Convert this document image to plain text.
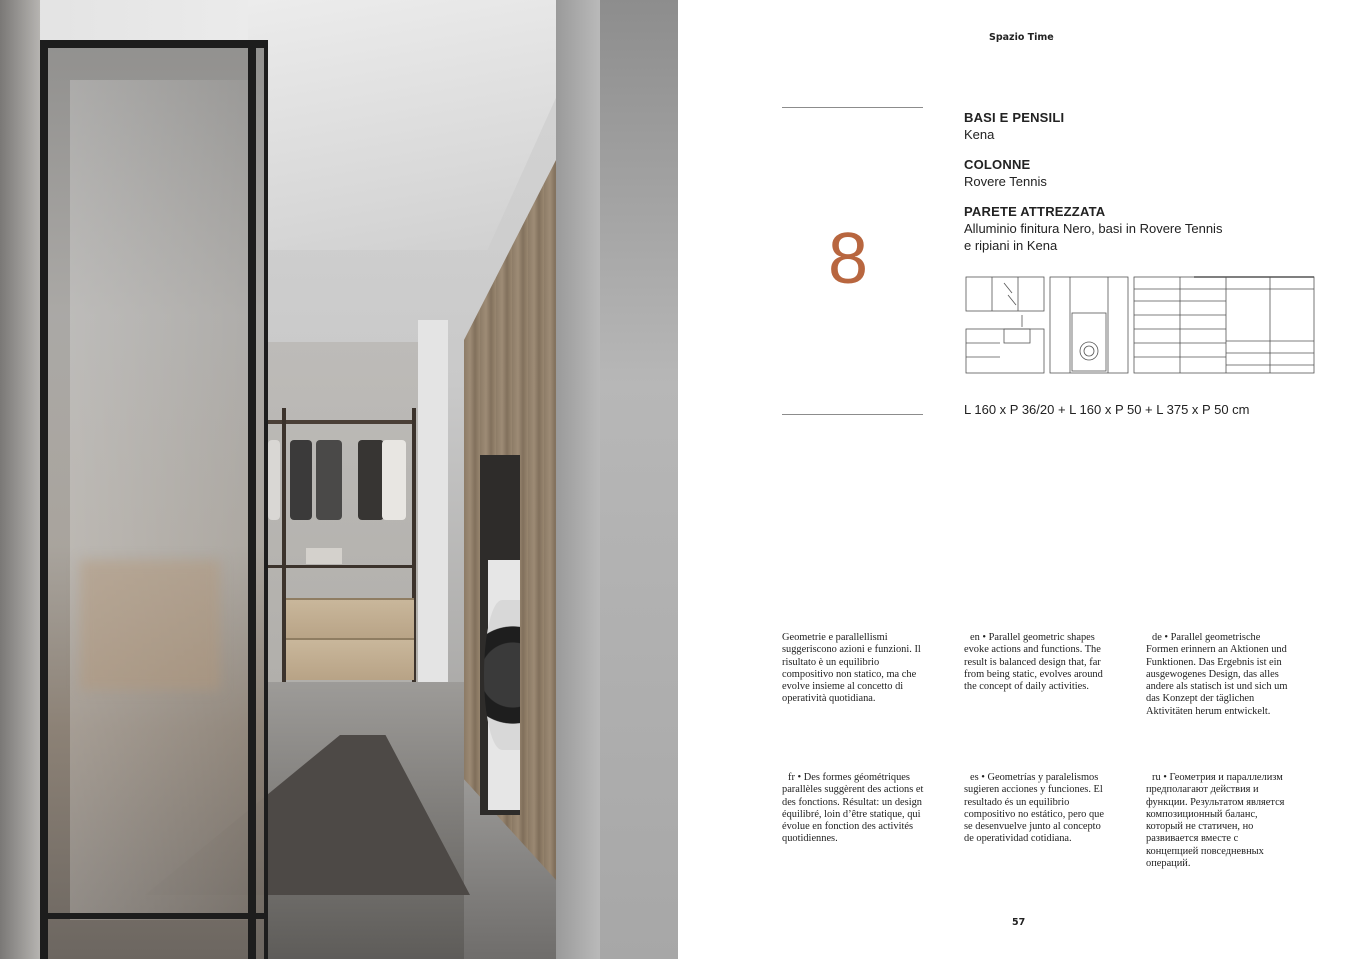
Spazio Time
8
BASI E PENSILI
Kena
COLONNE
Rovere Tennis
PARETE ATTREZZATA
Alluminio finitura Nero, basi in Rovere Tennis
e ripiani in Kena
L 160 x P 36/20 + L 160 x P 50 + L 375 x P 50 cm
Geometrie e parallellismi suggeriscono azioni e funzioni. Il risultato è un equilibrio compositivo non statico, ma che evolve insieme al concetto di operatività quotidiana.
en • Parallel geometric shapes evoke actions and functions. The result is balanced design that, far from being static, evolves around the concept of daily activities.
de • Parallel geometrische Formen erinnern an Aktionen und Funktionen. Das Ergebnis ist ein ausgewogenes Design, das alles andere als statisch ist und sich um das Konzept der täglichen Aktivitäten herum entwickelt.
fr • Des formes géométriques parallèles suggèrent des actions et des fonctions. Résultat: un design équilibré, loin d’être statique, qui évolue en fonction des activités quotidiennes.
es • Geometrías y paralelismos sugieren acciones y funciones. El resultado és un equilibrio compositivo no estático, pero que se desenvuelve junto al concepto de operatividad cotidiana.
ru • Геометрия и параллелизм предполагают действия и функции. Результатом является композиционный баланс, который не статичен, но развивается вместе с концепцией повседневных операций.
57
